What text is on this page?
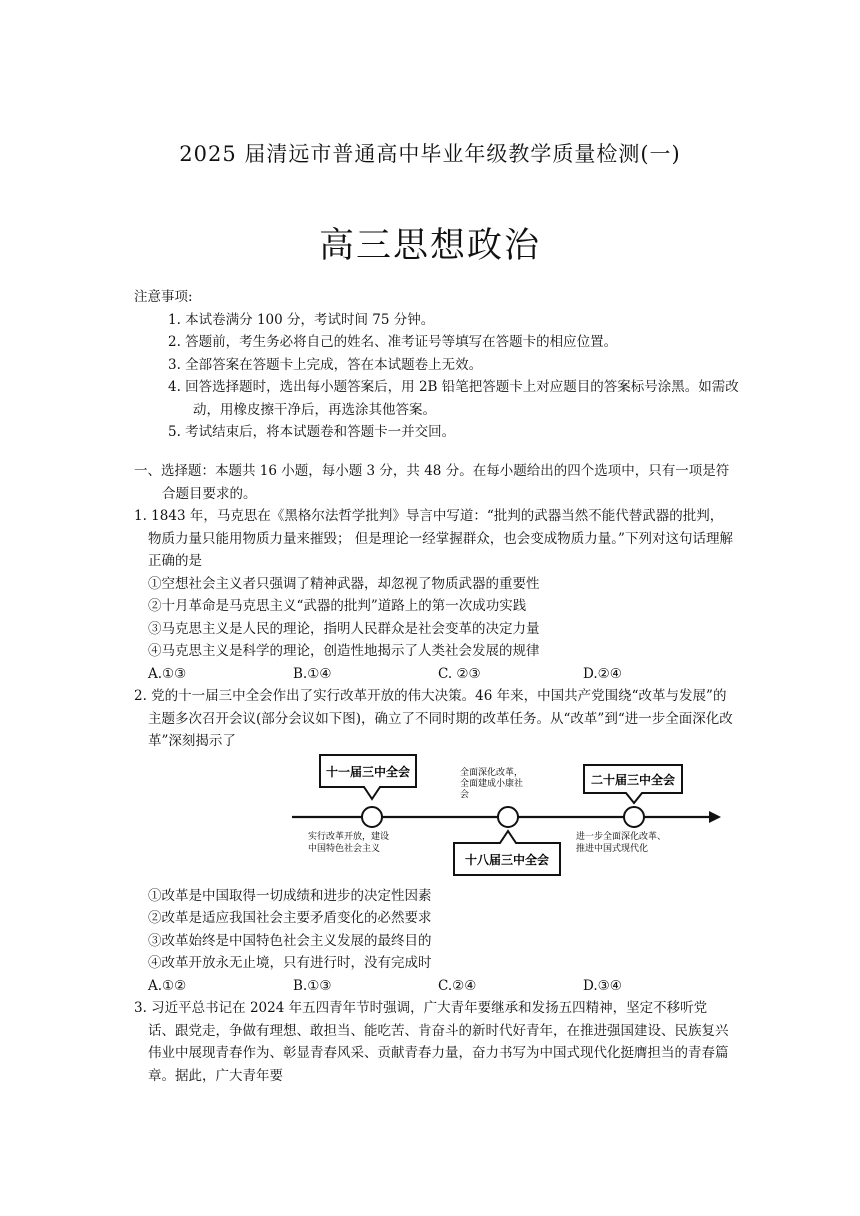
2025 届清远市普通高中毕业年级教学质量检测(一)
高三思想政治

注意事项:

1. 本试卷满分 100 分，考试时间 75 分钟。

2. 答题前，考生务必将自己的姓名、准考证号等填写在答题卡的相应位置。

3. 全部答案在答题卡上完成，答在本试题卷上无效。

4. 回答选择题时，选出每小题答案后，用 2B 铅笔把答题卡上对应题目的答案标号涂黑。如需改动，用橡皮擦干净后，再选涂其他答案。

5. 考试结束后，将本试题卷和答题卡一并交回。

一、选择题：本题共 16 小题，每小题 3 分，共 48 分。在每小题给出的四个选项中，只有一项是符合题目要求的。

1. 1843 年，马克思在《黑格尔法哲学批判》导言中写道：“批判的武器当然不能代替武器的批判，物质力量只能用物质力量来摧毁； 但是理论一经掌握群众，也会变成物质力量。”下列对这句话理解正确的是

①空想社会主义者只强调了精神武器，却忽视了物质武器的重要性

②十月革命是马克思主义“武器的批判”道路上的第一次成功实践

③马克思主义是人民的理论，指明人民群众是社会变革的决定力量

④马克思主义是科学的理论，创造性地揭示了人类社会发展的规律

A.①③	B.①④	C. ②③	D.②④

2. 党的十一届三中全会作出了实行改革开放的伟大决策。46 年来，中国共产党围绕“改革与发展”的主题多次召开会议(部分会议如下图)，确立了不同时期的改革任务。从“改革”到“进一步全面深化改革”深刻揭示了

十一届三中全会
十八届三中全会
二十届三中全会
实行改革开放，建设
中国特色社会主义
全面深化改革，
全面建成小康社
会
进一步全面深化改革、
推进中国式现代化

①改革是中国取得一切成绩和进步的决定性因素

②改革是适应我国社会主要矛盾变化的必然要求

③改革始终是中国特色社会主义发展的最终目的

④改革开放永无止境，只有进行时，没有完成时

A.①②	B.①③	C.②④	D.③④

3. 习近平总书记在 2024 年五四青年节时强调，广大青年要继承和发扬五四精神，坚定不移听党话、跟党走，争做有理想、敢担当、能吃苦、肯奋斗的新时代好青年，在推进强国建设、民族复兴伟业中展现青春作为、彰显青春风采、贡献青春力量，奋力书写为中国式现代化挺膺担当的青春篇章。据此，广大青年要
